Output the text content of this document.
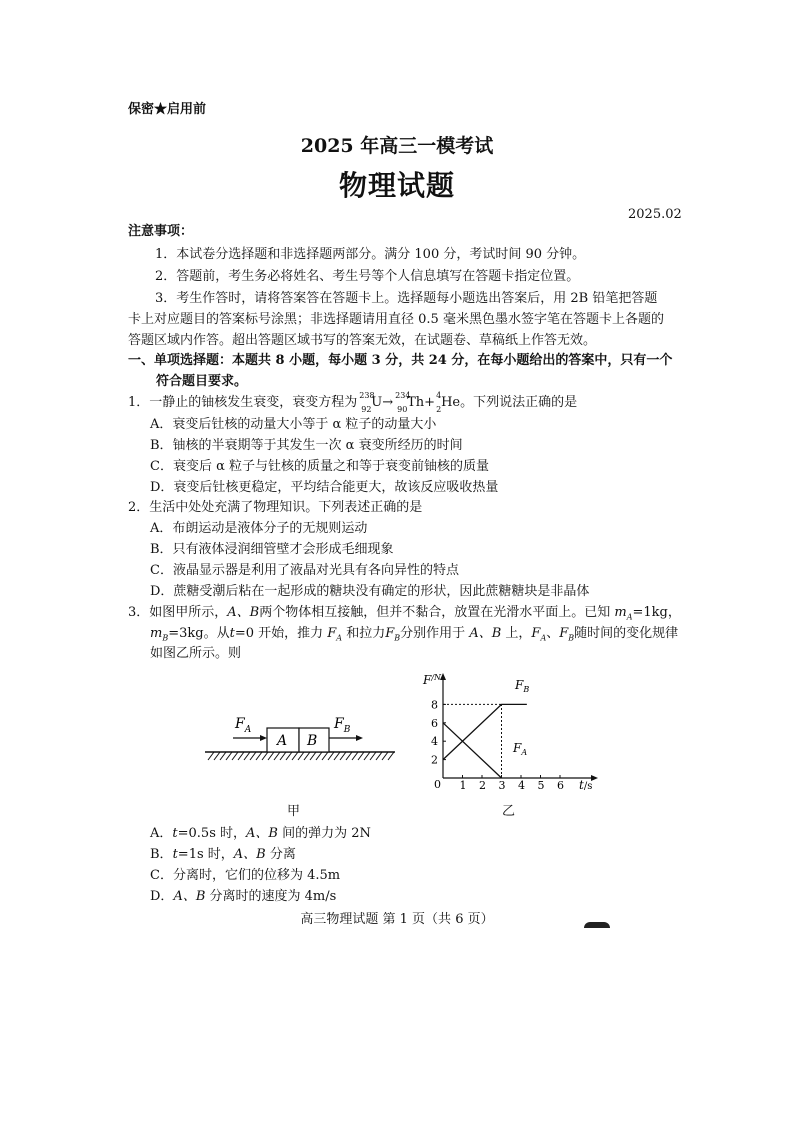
保密★启用前
2025 年高三一模考试
物理试题
2025.02
注意事项：
1．本试卷分选择题和非选择题两部分。满分 100 分，考试时间 90 分钟。
2．答题前，考生务必将姓名、考生号等个人信息填写在答题卡指定位置。
3．考生作答时，请将答案答在答题卡上。选择题每小题选出答案后，用 2B 铅笔把答题
卡上对应题目的答案标号涂黑；非选择题请用直径 0.5 毫米黑色墨水签字笔在答题卡上各题的
答题区域内作答。超出答题区域书写的答案无效，在试题卷、草稿纸上作答无效。
一、单项选择题：本题共 8 小题，每小题 3 分，共 24 分，在每小题给出的答案中，只有一个
符合题目要求。
1．一静止的铀核发生衰变，衰变方程为 238
92 U→ 234
90 Th+ 4
2 He。下列说法正确的是
A．衰变后钍核的动量大小等于 α 粒子的动量大小
B．铀核的半衰期等于其发生一次 α 衰变所经历的时间
C．衰变后 α 粒子与钍核的质量之和等于衰变前铀核的质量
D．衰变后钍核更稳定，平均结合能更大，故该反应吸收热量
2．生活中处处充满了物理知识。下列表述正确的是
A．布朗运动是液体分子的无规则运动
B．只有液体浸润细管壁才会形成毛细现象
C．液晶显示器是利用了液晶对光具有各向异性的特点
D．蔗糖受潮后粘在一起形成的糖块没有确定的形状，因此蔗糖糖块是非晶体
3．如图甲所示，A、B两个物体相互接触，但并不黏合，放置在光滑水平面上。已知 $m_A=1kg$，
$m_B=3kg$。从t=0 开始，推力 $F_A$ 和拉力$F_B$分别作用于 A、B 上，$F_A$、$F_B$随时间的变化规律
如图乙所示。则
A B
$F_A$	$F_B$
甲
$F^{/N}$
t/s
0 1 2 3 4 5 6
2
4
6
8
$F_A$
$F_B$
乙
A．t=0.5s 时，A、B 间的弹力为 2N
B．t=1s 时，A、B 分离
C．分离时，它们的位移为 4.5m
D．A、B 分离时的速度为 4m/s
高三物理试题 第 1 页（共 6 页）
